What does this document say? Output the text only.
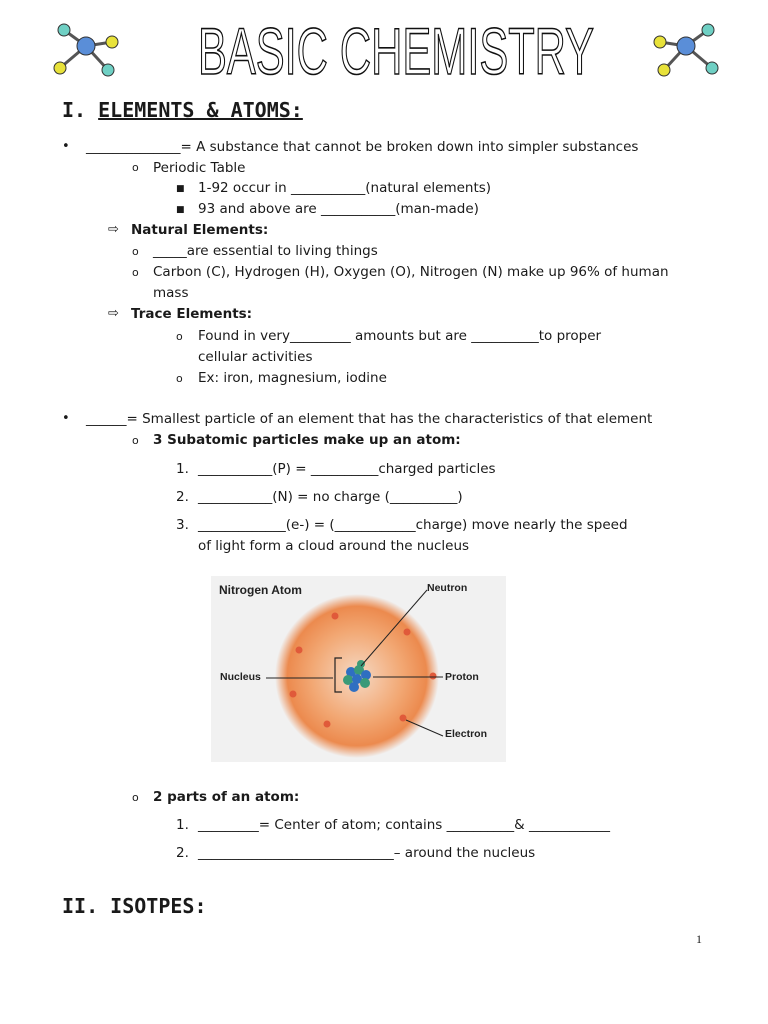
BASIC CHEMISTRY
I. ELEMENTS & ATOMS:
• ______________= A substance that cannot be broken down into simpler substances
o Periodic Table
■ 1-92 occur in ___________(natural elements)
■ 93 and above are ___________(man-made)
⇨ Natural Elements:
o _____are essential to living things
o Carbon (C), Hydrogen (H), Oxygen (O), Nitrogen (N) make up 96% of human
mass
⇨ Trace Elements:
o Found in very_________ amounts but are __________to proper
cellular activities
o Ex: iron, magnesium, iodine
• ______= Smallest particle of an element that has the characteristics of that element
o 3 Subatomic particles make up an atom:
1. ___________(P) = __________charged particles
2. ___________(N) = no charge (__________)
3. _____________(e-) = (____________charge) move nearly the speed
of light form a cloud around the nucleus
Nitrogen Atom	Neutron
Nucleus	Proton
Electron
o 2 parts of an atom:
1. _________= Center of atom; contains __________& ____________
2. _____________________________– around the nucleus
II. ISOTPES:
1
